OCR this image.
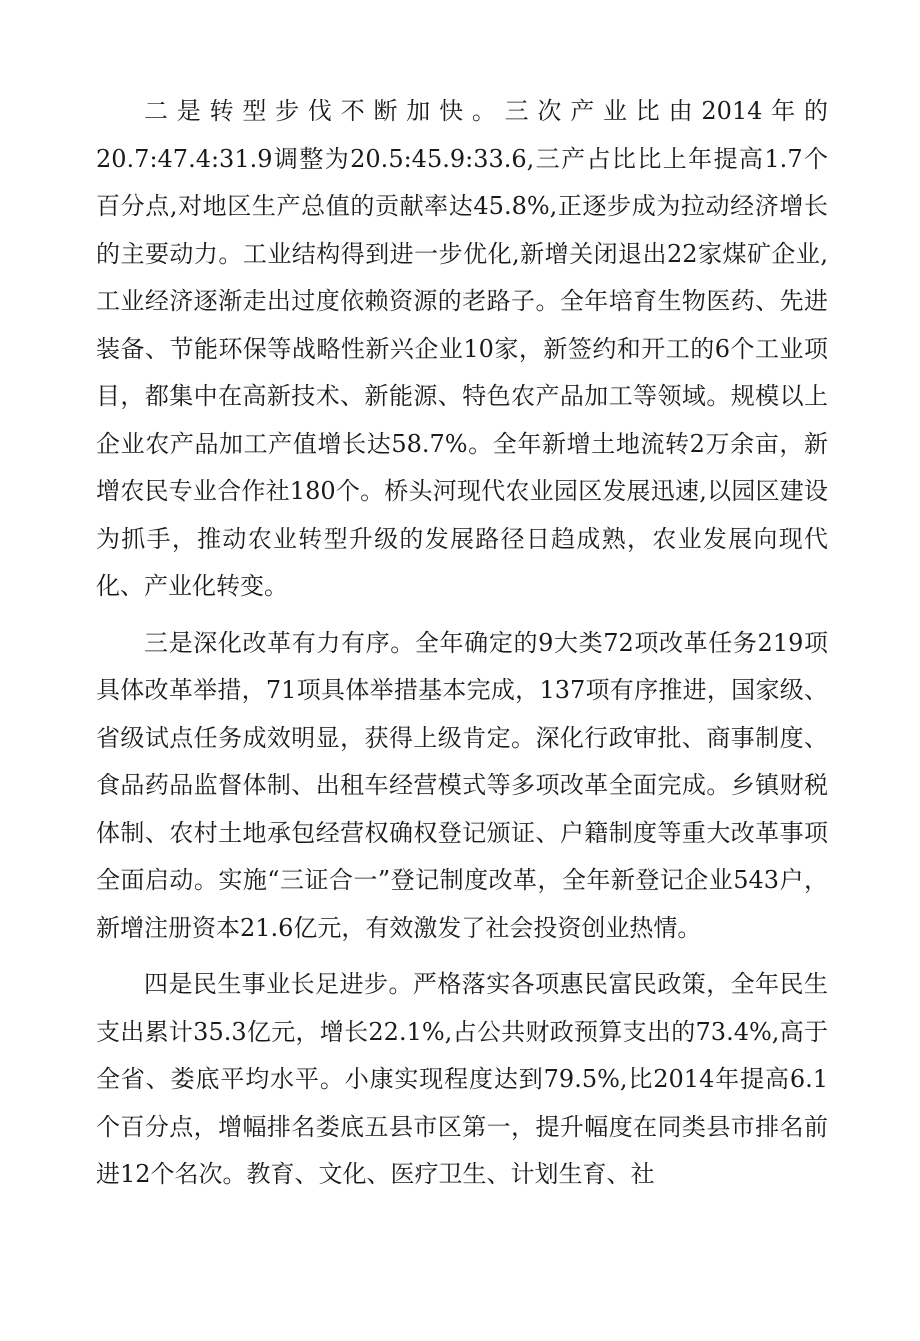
二是转型步伐不断加快。三次产业比由2014年的20.7:47.4:31.9调整为20.5:45.9:33.6,三产占比比上年提高1.7个百分点,对地区生产总值的贡献率达45.8%,正逐步成为拉动经济增长的主要动力。工业结构得到进一步优化,新增关闭退出22家煤矿企业,工业经济逐渐走出过度依赖资源的老路子。全年培育生物医药、先进装备、节能环保等战略性新兴企业10家，新签约和开工的6个工业项目，都集中在高新技术、新能源、特色农产品加工等领域。规模以上企业农产品加工产值增长达58.7%。全年新增土地流转2万余亩，新增农民专业合作社180个。桥头河现代农业园区发展迅速,以园区建设为抓手，推动农业转型升级的发展路径日趋成熟，农业发展向现代化、产业化转变。

三是深化改革有力有序。全年确定的9大类72项改革任务219项具体改革举措，71项具体举措基本完成，137项有序推进，国家级、省级试点任务成效明显，获得上级肯定。深化行政审批、商事制度、食品药品监督体制、出租车经营模式等多项改革全面完成。乡镇财税体制、农村土地承包经营权确权登记颁证、户籍制度等重大改革事项全面启动。实施“三证合一”登记制度改革，全年新登记企业543户，新增注册资本21.6亿元，有效激发了社会投资创业热情。

四是民生事业长足进步。严格落实各项惠民富民政策，全年民生支出累计35.3亿元，增长22.1%,占公共财政预算支出的73.4%,高于全省、娄底平均水平。小康实现程度达到79.5%,比2014年提高6.1个百分点，增幅排名娄底五县市区第一，提升幅度在同类县市排名前进12个名次。教育、文化、医疗卫生、计划生育、社
